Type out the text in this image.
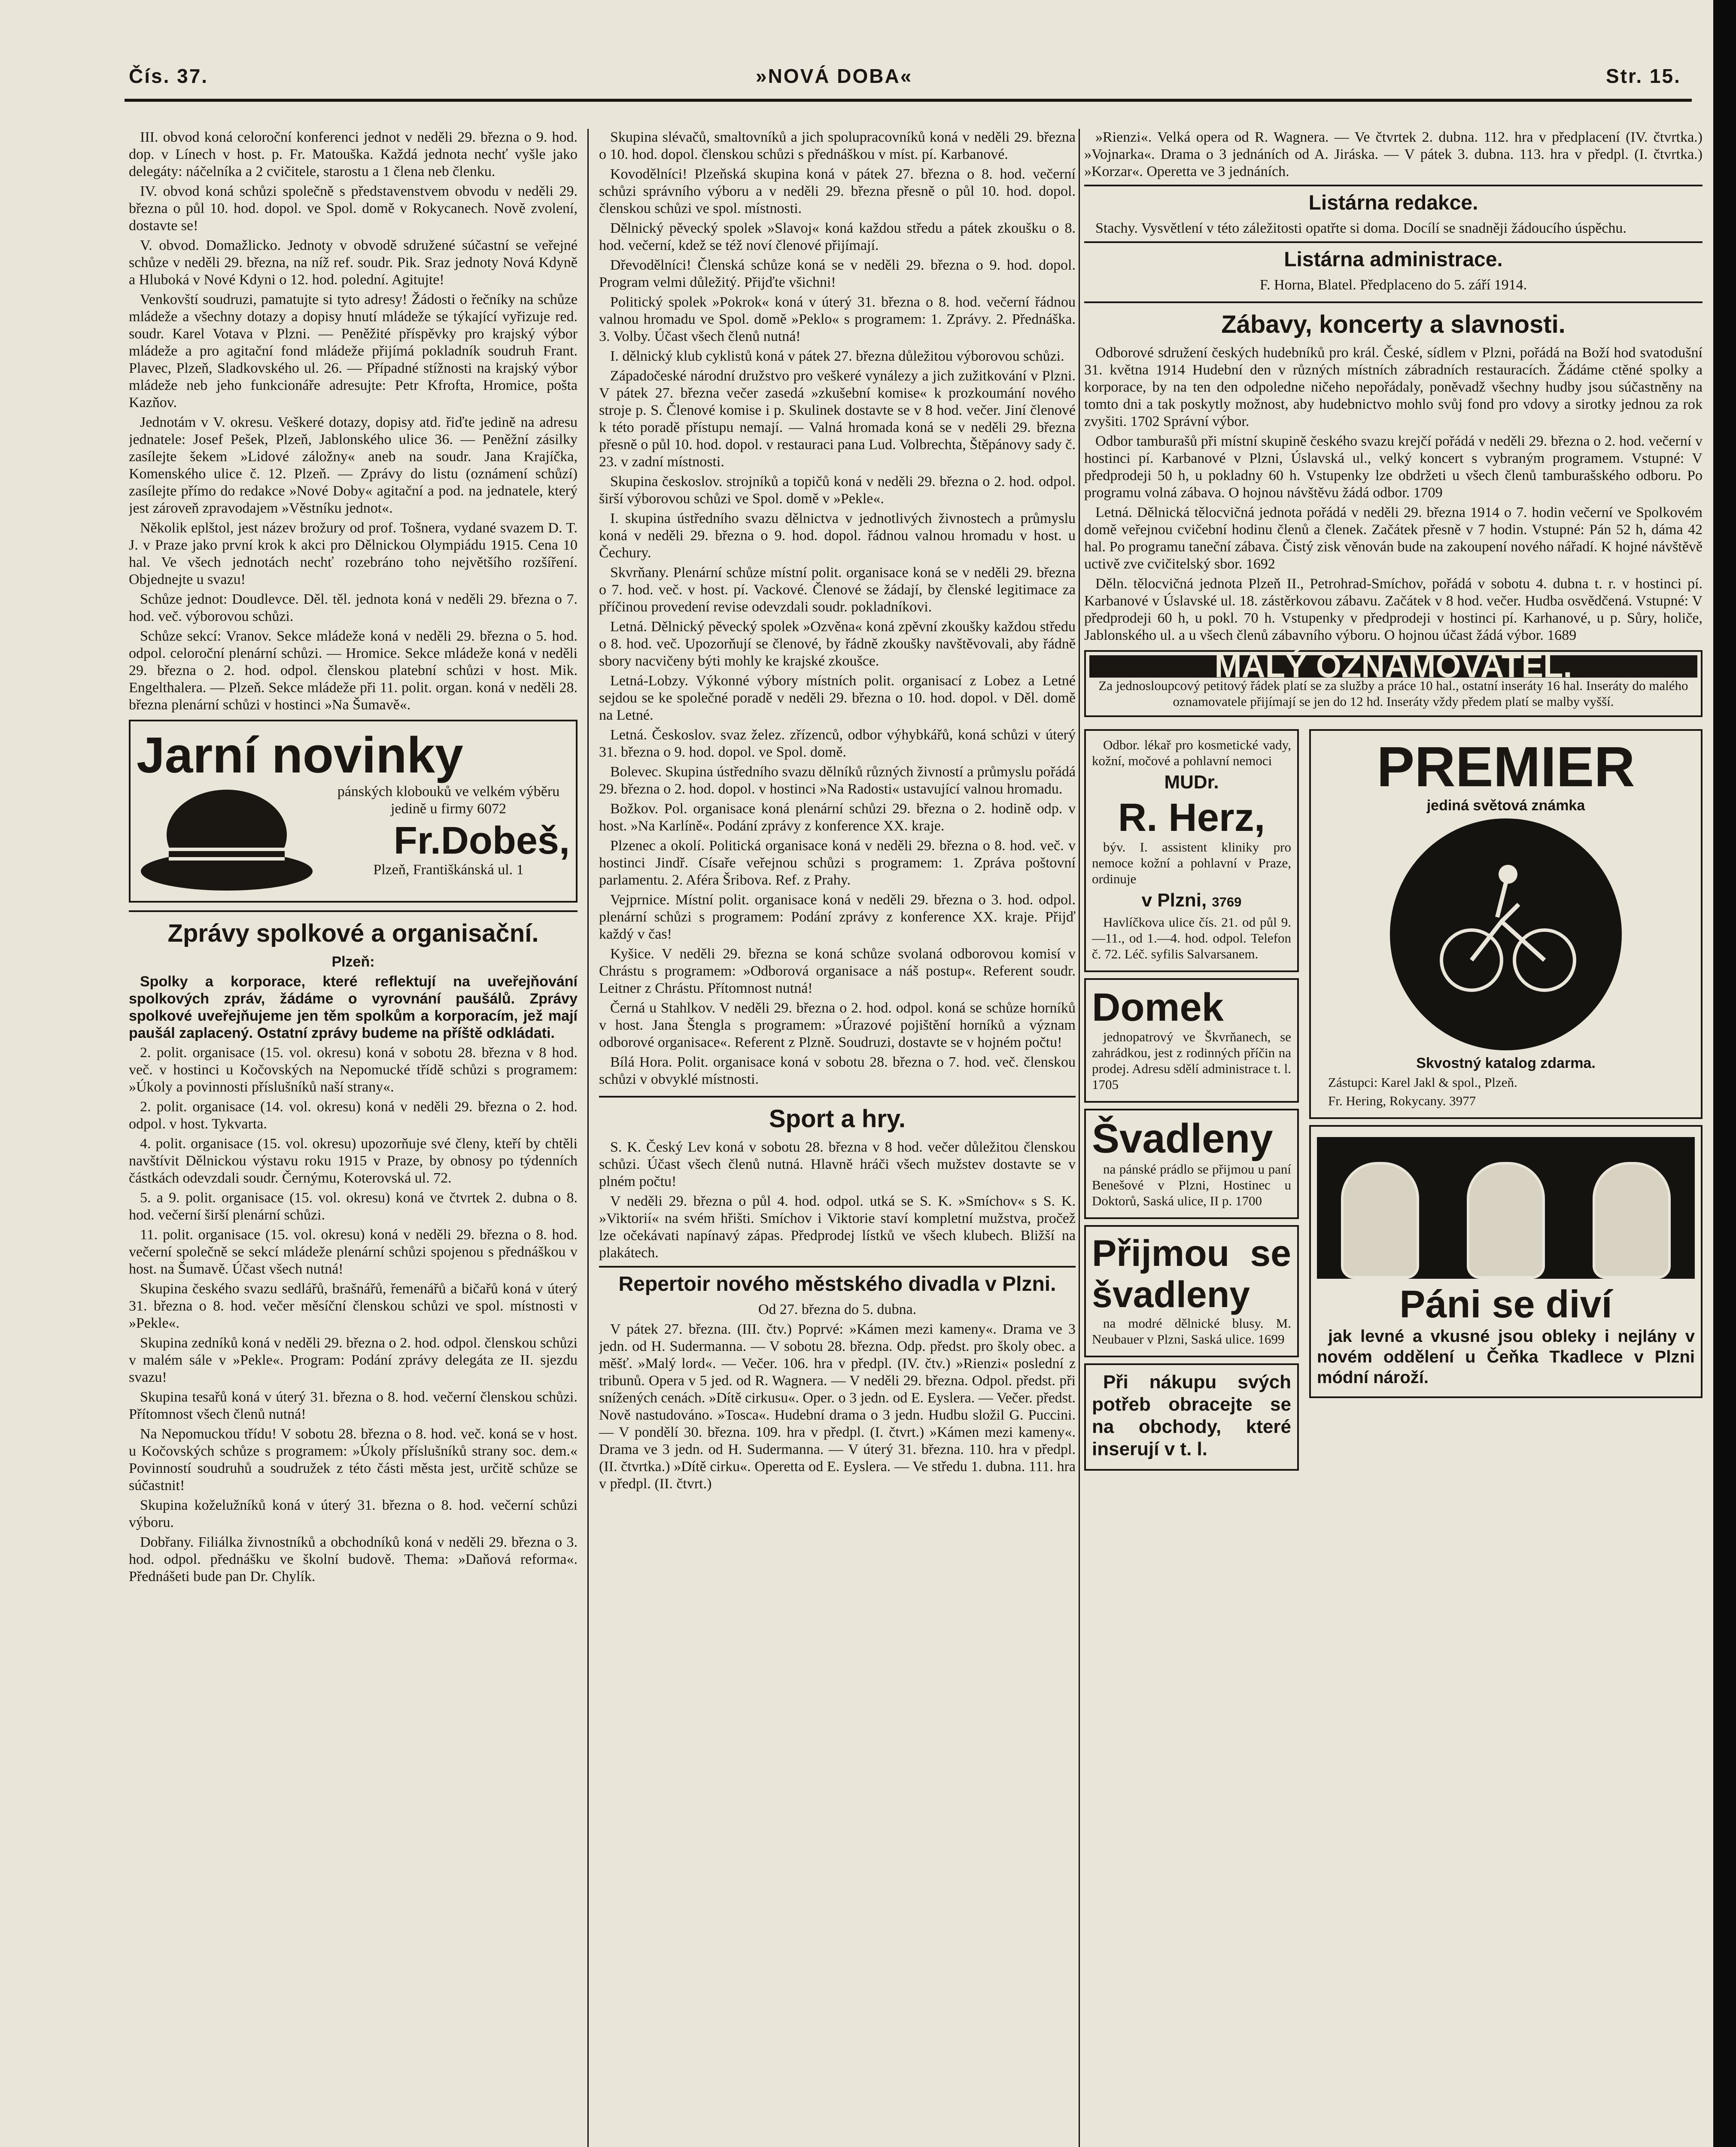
Čís. 37.	»NOVÁ DOBA«	Str. 15.

III. obvod koná celoroční konferenci jednot v neděli 29. března o 9. hod. dop. v Línech v host. p. Fr. Matouška. Každá jednota nechť vyšle jako delegáty: náčelníka a 2 cvičitele, starostu a 1 člena neb členku.

IV. obvod koná schůzi společně s představenstvem obvodu v neděli 29. března o půl 10. hod. dopol. ve Spol. domě v Rokycanech. Nově zvolení, dostavte se!

V. obvod. Domažlicko. Jednoty v obvodě sdružené súčastní se veřejné schůze v neděli 29. března, na níž ref. soudr. Pik. Sraz jednoty Nová Kdyně a Hluboká v Nové Kdyni o 12. hod. polední. Agitujte!

Venkovští soudruzi, pamatujte si tyto adresy! Žádosti o řečníky na schůze mládeže a všechny dotazy a dopisy hnutí mládeže se týkající vyřizuje red. soudr. Karel Votava v Plzni. — Peněžité příspěvky pro krajský výbor mládeže a pro agitační fond mládeže přijímá pokladník soudruh Frant. Plavec, Plzeň, Sladkovského ul. 26. — Případné stížnosti na krajský výbor mládeže neb jeho funkcionáře adresujte: Petr Kfrofta, Hromice, pošta Kazňov.

Jednotám v V. okresu. Veškeré dotazy, dopisy atd. řiďte jedině na adresu jednatele: Josef Pešek, Plzeň, Jablonského ulice 36. — Peněžní zásilky zasílejte šekem »Lidové záložny« aneb na soudr. Jana Krajíčka, Komenského ulice č. 12. Plzeň. — Zprávy do listu (oznámení schůzí) zasílejte přímo do redakce »Nové Doby« agitační a pod. na jednatele, který jest zároveň zpravodajem »Věstníku jednot«.

Několik eplštol, jest název brožury od prof. Tošnera, vydané svazem D. T. J. v Praze jako první krok k akci pro Dělnickou Olympiádu 1915. Cena 10 hal. Ve všech jednotách nechť rozebráno toho největšího rozšíření. Objednejte u svazu!

Schůze jednot: Doudlevce. Děl. těl. jednota koná v neděli 29. března o 7. hod. več. výborovou schůzi.

Schůze sekcí: Vranov. Sekce mládeže koná v neděli 29. března o 5. hod. odpol. celoroční plenární schůzi. — Hromice. Sekce mládeže koná v neděli 29. března o 2. hod. odpol. členskou platební schůzi v host. Mik. Engelthalera. — Plzeň. Sekce mládeže při 11. polit. organ. koná v neděli 28. března plenární schůzi v hostinci »Na Šumavě«.

Jarní novinky

pánských klobouků ve velkém výběru jedině u firmy 6072

Fr.Dobeš,

Plzeň, Františkánská ul. 1

Zprávy spolkové a organisační.

Plzeň:

Spolky a korporace, které reflektují na uveřejňování spolkových zpráv, žádáme o vyrovnání paušálů. Zprávy spolkové uveřejňujeme jen těm spolkům a korporacím, jež mají paušál zaplacený. Ostatní zprávy budeme na příště odkládati.

2. polit. organisace (15. vol. okresu) koná v sobotu 28. března v 8 hod. več. v hostinci u Kočovských na Nepomucké třídě schůzi s programem: »Úkoly a povinnosti příslušníků naší strany«.

2. polit. organisace (14. vol. okresu) koná v neděli 29. března o 2. hod. odpol. v host. Tykvarta.

4. polit. organisace (15. vol. okresu) upozorňuje své členy, kteří by chtěli navštívit Dělnickou výstavu roku 1915 v Praze, by obnosy po týdenních částkách odevzdali soudr. Černýmu, Koterovská ul. 72.

5. a 9. polit. organisace (15. vol. okresu) koná ve čtvrtek 2. dubna o 8. hod. večerní širší plenární schůzi.

11. polit. organisace (15. vol. okresu) koná v neděli 29. března o 8. hod. večerní společně se sekcí mládeže plenární schůzi spojenou s přednáškou v host. na Šumavě. Účast všech nutná!

Skupina českého svazu sedlářů, brašnářů, řemenářů a bičařů koná v úterý 31. března o 8. hod. večer měsíční členskou schůzi ve spol. místnosti v »Pekle«.

Skupina zedníků koná v neděli 29. března o 2. hod. odpol. členskou schůzi v malém sále v »Pekle«. Program: Podání zprávy delegáta ze II. sjezdu svazu!

Skupina tesařů koná v úterý 31. března o 8. hod. večerní členskou schůzi. Přítomnost všech členů nutná!

Na Nepomuckou třídu! V sobotu 28. března o 8. hod. več. koná se v host. u Kočovských schůze s programem: »Úkoly příslušníků strany soc. dem.« Povinností soudruhů a soudružek z této části města jest, určitě schůze se súčastnit!

Skupina koželužníků koná v úterý 31. března o 8. hod. večerní schůzi výboru.

Dobřany. Filiálka živnostníků a obchodníků koná v neděli 29. března o 3. hod. odpol. přednášku ve školní budově. Thema: »Daňová reforma«. Přednášeti bude pan Dr. Chylík.

Skupina slévačů, smaltovníků a jich spolupracovníků koná v neděli 29. března o 10. hod. dopol. členskou schůzi s přednáškou v míst. pí. Karbanové.

Kovodělníci! Plzeňská skupina koná v pátek 27. března o 8. hod. večerní schůzi správního výboru a v neděli 29. března přesně o půl 10. hod. dopol. členskou schůzi ve spol. místnosti.

Dělnický pěvecký spolek »Slavoj« koná každou středu a pátek zkoušku o 8. hod. večerní, kdež se též noví členové přijímají.

Dřevodělníci! Členská schůze koná se v neděli 29. března o 9. hod. dopol. Program velmi důležitý. Přijďte všichni!

Politický spolek »Pokrok« koná v úterý 31. března o 8. hod. večerní řádnou valnou hromadu ve Spol. domě »Peklo« s programem: 1. Zprávy. 2. Přednáška. 3. Volby. Účast všech členů nutná!

I. dělnický klub cyklistů koná v pátek 27. března důležitou výborovou schůzi.

Západočeské národní družstvo pro veškeré vynálezy a jich zužitkování v Plzni. V pátek 27. března večer zasedá »zkušební komise« k prozkoumání nového stroje p. S. Členové komise i p. Skulinek dostavte se v 8 hod. večer. Jiní členové k této poradě přístupu nemají. — Valná hromada koná se v neděli 29. března přesně o půl 10. hod. dopol. v restauraci pana Lud. Volbrechta, Štěpánovy sady č. 23. v zadní místnosti.

Skupina českoslov. strojníků a topičů koná v neděli 29. března o 2. hod. odpol. širší výborovou schůzi ve Spol. domě v »Pekle«.

I. skupina ústředního svazu dělnictva v jednotlivých živnostech a průmyslu koná v neděli 29. března o 9. hod. dopol. řádnou valnou hromadu v host. u Čechury.

Skvrňany. Plenární schůze místní polit. organisace koná se v neděli 29. března o 7. hod. več. v host. pí. Vackové. Členové se žádají, by členské legitimace za příčinou provedení revise odevzdali soudr. pokladníkovi.

Letná. Dělnický pěvecký spolek »Ozvěna« koná zpěvní zkoušky každou středu o 8. hod. več. Upozorňují se členové, by řádně zkoušky navštěvovali, aby řádně sbory nacvičeny býti mohly ke krajské zkoušce.

Letná-Lobzy. Výkonné výbory místních polit. organisací z Lobez a Letné sejdou se ke společné poradě v neděli 29. března o 10. hod. dopol. v Děl. domě na Letné.

Letná. Českoslov. svaz želez. zřízenců, odbor výhybkářů, koná schůzi v úterý 31. března o 9. hod. dopol. ve Spol. domě.

Bolevec. Skupina ústředního svazu dělníků různých živností a průmyslu pořádá 29. března o 2. hod. dopol. v hostinci »Na Radosti« ustavující valnou hromadu.

Božkov. Pol. organisace koná plenární schůzi 29. března o 2. hodině odp. v host. »Na Karlíně«. Podání zprávy z konference XX. kraje.

Plzenec a okolí. Politická organisace koná v neděli 29. března o 8. hod. več. v hostinci Jindř. Císaře veřejnou schůzi s programem: 1. Zpráva poštovní parlamentu. 2. Aféra Šribova. Ref. z Prahy.

Vejprnice. Místní polit. organisace koná v neděli 29. března o 3. hod. odpol. plenární schůzi s programem: Podání zprávy z konference XX. kraje. Přijď každý v čas!

Kyšice. V neděli 29. března se koná schůze svolaná odborovou komisí v Chrástu s programem: »Odborová organisace a náš postup«. Referent soudr. Leitner z Chrástu. Přítomnost nutná!

Černá u Stahlkov. V neděli 29. března o 2. hod. odpol. koná se schůze horníků v host. Jana Štengla s programem: »Úrazové pojištění horníků a význam odborové organisace«. Referent z Plzně. Soudruzi, dostavte se v hojném počtu!

Bílá Hora. Polit. organisace koná v sobotu 28. března o 7. hod. več. členskou schůzi v obvyklé místnosti.

Sport a hry.

S. K. Český Lev koná v sobotu 28. března v 8 hod. večer důležitou členskou schůzi. Účast všech členů nutná. Hlavně hráči všech mužstev dostavte se v plném počtu!

V neděli 29. března o půl 4. hod. odpol. utká se S. K. »Smíchov« s S. K. »Viktorií« na svém hřišti. Smíchov i Viktorie staví kompletní mužstva, pročež lze očekávati napínavý zápas. Předprodej lístků ve všech klubech. Bližší na plakátech.

Repertoir nového městského divadla v Plzni.

Od 27. března do 5. dubna.

V pátek 27. března. (III. čtv.) Poprvé: »Kámen mezi kameny«. Drama ve 3 jedn. od H. Sudermanna. — V sobotu 28. března. Odp. předst. pro školy obec. a měšť. »Malý lord«. — Večer. 106. hra v předpl. (IV. čtv.) »Rienzi« poslední z tribunů. Opera v 5 jed. od R. Wagnera. — V neděli 29. března. Odpol. předst. při snížených cenách. »Dítě cirkusu«. Oper. o 3 jedn. od E. Eyslera. — Večer. předst. Nově nastudováno. »Tosca«. Hudební drama o 3 jedn. Hudbu složil G. Puccini. — V pondělí 30. března. 109. hra v předpl. (I. čtvrt.) »Kámen mezi kameny«. Drama ve 3 jedn. od H. Sudermanna. — V úterý 31. března. 110. hra v předpl. (II. čtvrtka.) »Dítě cirku«. Operetta od E. Eyslera. — Ve středu 1. dubna. 111. hra v předpl. (II. čtvrt.)

»Rienzi«. Velká opera od R. Wagnera. — Ve čtvrtek 2. dubna. 112. hra v předplacení (IV. čtvrtka.) »Vojnarka«. Drama o 3 jednáních od A. Jiráska. — V pátek 3. dubna. 113. hra v předpl. (I. čtvrtka.) »Korzar«. Operetta ve 3 jednáních.

Listárna redakce.

Stachy. Vysvětlení v této záležitosti opatřte si doma. Docílí se snadněji žádoucího úspěchu.

Listárna administrace.

F. Horna, Blatel. Předplaceno do 5. září 1914.

Zábavy, koncerty a slavnosti.

Odborové sdružení českých hudebníků pro král. České, sídlem v Plzni, pořádá na Boží hod svatodušní 31. května 1914 Hudební den v různých místních zábradních restauracích. Žádáme ctěné spolky a korporace, by na ten den odpoledne ničeho nepořádaly, poněvadž všechny hudby jsou súčastněny na tomto dni a tak poskytly možnost, aby hudebnictvo mohlo svůj fond pro vdovy a sirotky jednou za rok zvyšiti. 1702 Správní výbor.

Odbor tamburašů při místní skupině českého svazu krejčí pořádá v neděli 29. března o 2. hod. večerní v hostinci pí. Karbanové v Plzni, Úslavská ul., velký koncert s vybraným programem. Vstupné: V předprodeji 50 h, u pokladny 60 h. Vstupenky lze obdržeti u všech členů tamburašského odboru. Po programu volná zábava. O hojnou návštěvu žádá odbor. 1709

Letná. Dělnická tělocvičná jednota pořádá v neděli 29. března 1914 o 7. hodin večerní ve Spolkovém domě veřejnou cvičební hodinu členů a členek. Začátek přesně v 7 hodin. Vstupné: Pán 52 h, dáma 42 hal. Po programu taneční zábava. Čistý zisk věnován bude na zakoupení nového nářadí. K hojné návštěvě uctivě zve cvičitelský sbor. 1692

Děln. tělocvičná jednota Plzeň II., Petrohrad-Smíchov, pořádá v sobotu 4. dubna t. r. v hostinci pí. Karbanové v Úslavské ul. 18. zástěrkovou zábavu. Začátek v 8 hod. večer. Hudba osvědčená. Vstupné: V předprodeji 60 h, u pokl. 70 h. Vstupenky v předprodeji v hostinci pí. Karhanové, u p. Sůry, holiče, Jablonského ul. a u všech členů zábavního výboru. O hojnou účast žádá výbor. 1689

MALÝ OZNAMOVATEL.

Za jednosloupcový petitový řádek platí se za služby a práce 10 hal., ostatní inseráty 16 hal. Inseráty do malého oznamovatele přijímají se jen do 12 hd. Inseráty vždy předem platí se malby vyšší.

Odbor. lékař pro kosmetické vady, kožní, močové a pohlavní nemoci

MUDr.

R. Herz,

býv. I. assistent kliniky pro nemoce kožní a pohlavní v Praze, ordinuje

v Plzni, 3769

Havlíčkova ulice čís. 21. od půl 9.—11., od 1.—4. hod. odpol. Telefon č. 72. Léč. syfilis Salvarsanem.

Domek

jednopatrový ve Škvrňanech, se zahrádkou, jest z rodinných příčin na prodej. Adresu sdělí administrace t. l. 1705

Švadleny

na pánské prádlo se přijmou u paní Benešové v Plzni, Hostinec u Doktorů, Saská ulice, II p. 1700

Přijmou se švadleny

na modré dělnické blusy. M. Neubauer v Plzni, Saská ulice. 1699

Při nákupu svých potřeb obracejte se na obchody, které inserují v t. l.

PREMIER

jediná světová známka

Skvostný katalog zdarma.

Zástupci: Karel Jakl & spol., Plzeň.

Fr. Hering, Rokycany. 3977

Páni se diví

jak levné a vkusné jsou obleky i nejlány v novém oddělení u Čeňka Tkadlece v Plzni módní nároží.
